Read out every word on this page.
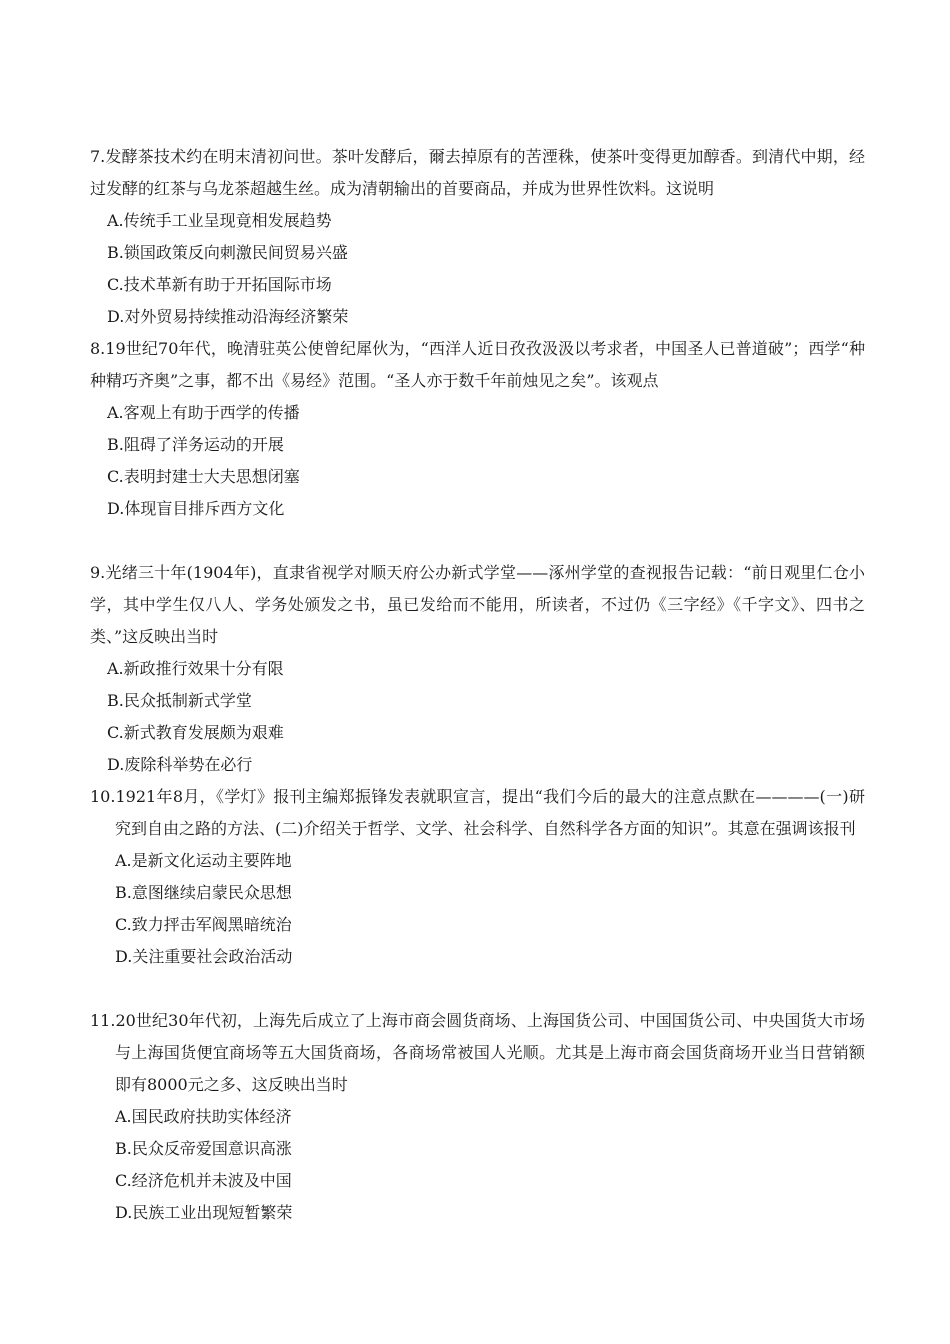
7.发酵茶技术约在明末清初问世。茶叶发酵后，爾去掉原有的苦湮秼，使茶叶变得更加醇香。到清代中期，经过发酵的红茶与乌龙茶超越生丝。成为清朝输出的首要商品，并成为世界性饮料。这说明

A.传统手工业呈现竟相发展趋势
B.锁国政策反向刺激民间贸易兴盛
C.技术革新有助于开拓国际市场
D.对外贸易持续推动沿海经济繁荣

8.19世纪70年代，晚清驻英公使曾纪犀伙为，“西洋人近日孜孜汲汲以考求者，中国圣人已普道破”；西学“种种精巧齐奥”之事，都不出《易经》范围。“圣人亦于数千年前烛见之矣”。该观点

A.客观上有助于西学的传播
B.阻碍了洋务运动的开展
C.表明封建士大夫思想闭塞
D.体现盲目排斥西方文化

9.光绪三十年(1904年)，直隶省视学对顺天府公办新式学堂——涿州学堂的查视报告记载：“前日观里仁仓小学，其中学生仅八人、学务处颁发之书，虽已发给而不能用，所读者，不过仍《三字经》《千字文》、四书之类、”这反映出当时

A.新政推行效果十分有限
B.民众抵制新式学堂
C.新式教育发展颇为艰难
D.废除科举势在必行

10.1921年8月，《学灯》报刊主编郑振锋发表就职宣言，提出“我们今后的最大的注意点默在————(一)研究到自由之路的方法、(二)介绍关于哲学、文学、社会科学、自然科学各方面的知识”。其意在强调该报刊

A.是新文化运动主要阵地
B.意图继续启蒙民众思想
C.致力抨击军阀黑暗统治
D.关注重要社会政治活动

11.20世纪30年代初，上海先后成立了上海市商会圆货商场、上海国货公司、中国国货公司、中央国货大市场与上海国货便宜商场等五大国货商场，各商场常被国人光顺。尤其是上海市商会国货商场开业当日营销额即有8000元之多、这反映出当时

A.国民政府扶助实体经济
B.民众反帝爱国意识高涨
C.经济危机并未波及中国
D.民族工业出现短暂繁荣
